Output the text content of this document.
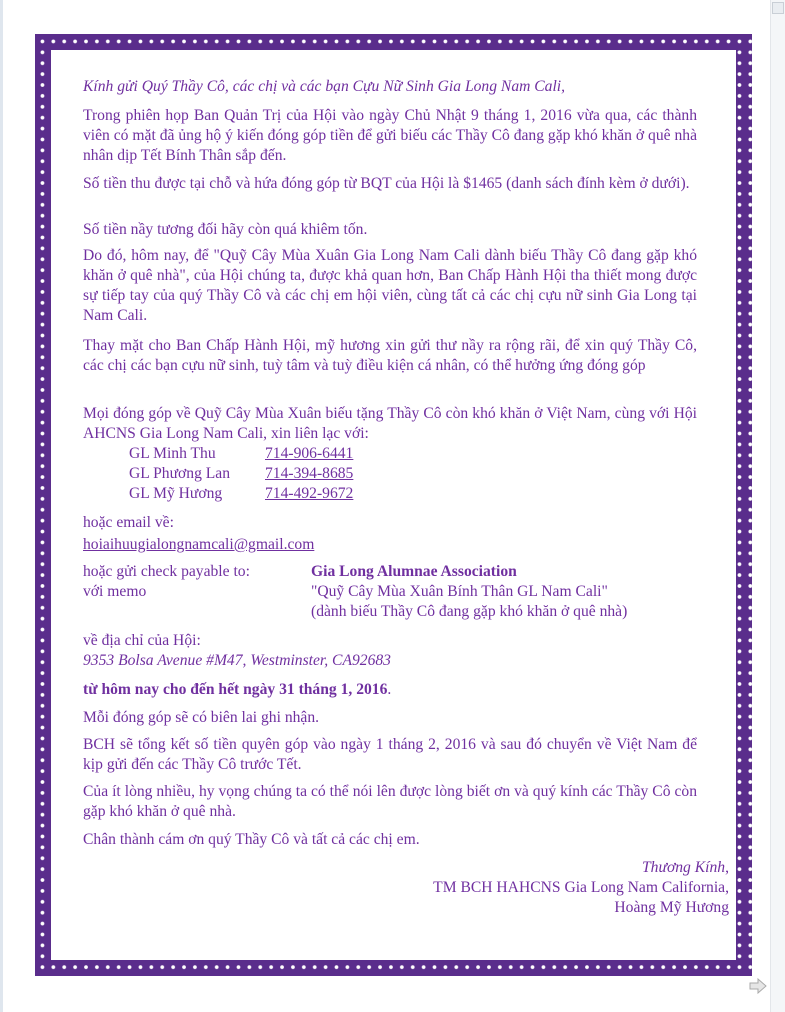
Kính gửi Quý Thầy Cô, các chị và các bạn Cựu Nữ Sinh Gia Long Nam Cali,
Trong phiên họp Ban Quản Trị của Hội vào ngày Chủ Nhật 9 tháng 1, 2016 vừa qua, các thành viên có mặt đã ủng hộ ý kiến đóng góp tiền để gửi biếu các Thầy Cô đang gặp khó khăn ở quê nhà nhân dịp Tết Bính Thân sắp đến.
Số tiền thu được tại chỗ và hứa đóng góp từ BQT của Hội là $1465 (danh sách đính kèm ở dưới).
Số tiền nầy tương đối hãy còn quá khiêm tốn.
Do đó, hôm nay, để "Quỹ Cây Mùa Xuân Gia Long Nam Cali dành biếu Thầy Cô đang gặp khó khăn ở quê nhà", của Hội chúng ta, được khả quan hơn, Ban Chấp Hành Hội tha thiết mong được sự tiếp tay của quý Thầy Cô và các chị em hội viên, cùng tất cả các chị cựu nữ sinh Gia Long tại Nam Cali.
Thay mặt cho Ban Chấp Hành Hội, mỹ hương xin gửi thư nầy ra rộng rãi, để xin quý Thầy Cô, các chị các bạn cựu nữ sinh, tuỳ tâm và tuỳ điều kiện cá nhân, có thể hưởng ứng đóng góp
Mọi đóng góp về Quỹ Cây Mùa Xuân biếu tặng Thầy Cô còn khó khăn ở Việt Nam, cùng với Hội AHCNS Gia Long Nam Cali, xin liên lạc với:
GL Minh Thu	714-906-6441
GL Phương Lan 714-394-8685
GL Mỹ Hương	714-492-9672
hoặc email về:
hoiaihuugialongnamcali@gmail.com
hoặc gửi check payable to:	Gia Long Alumnae Association
với memo	"Quỹ Cây Mùa Xuân Bính Thân GL Nam Cali"
(dành biếu Thầy Cô đang gặp khó khăn ở quê nhà)
về địa chỉ của Hội:
9353 Bolsa Avenue #M47, Westminster, CA92683
từ hôm nay cho đến hết ngày 31 tháng 1, 2016.
Mỗi đóng góp sẽ có biên lai ghi nhận.
BCH sẽ tổng kết số tiền quyên góp vào ngày 1 tháng 2, 2016 và sau đó chuyển về Việt Nam để kịp gửi đến các Thầy Cô trước Tết.
Của ít lòng nhiều, hy vọng chúng ta có thể nói lên được lòng biết ơn và quý kính các Thầy Cô còn gặp khó khăn ở quê nhà.
Chân thành cám ơn quý Thầy Cô và tất cả các chị em.
Thương Kính,
TM BCH HAHCNS Gia Long Nam California,
Hoàng Mỹ Hương
